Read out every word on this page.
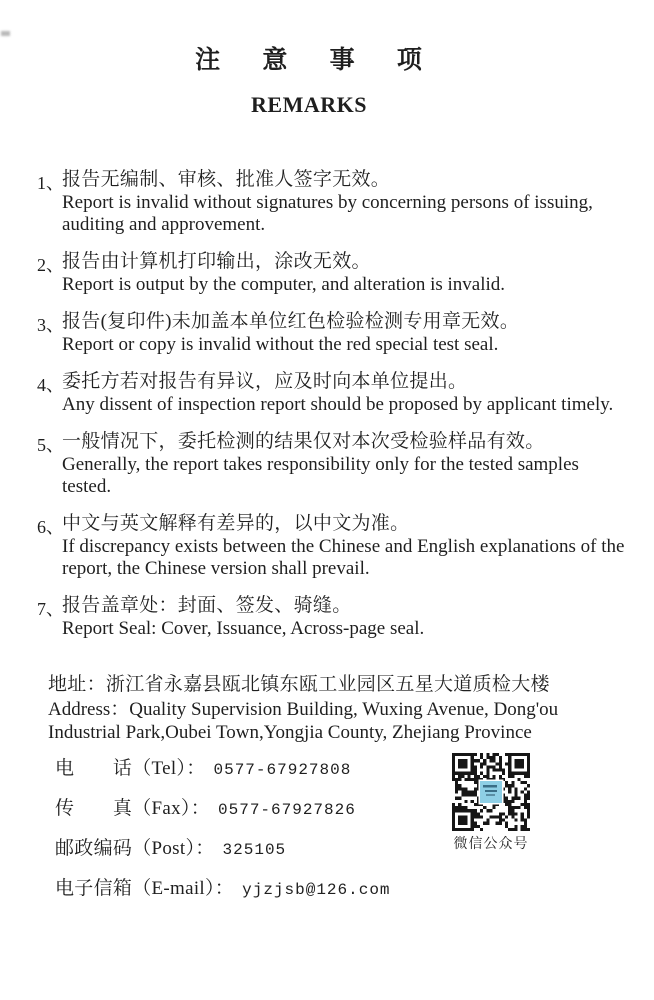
注 意 事 项
REMARKS
1、
报告无编制、审核、批准人签字无效。
Report is invalid without signatures by concerning persons of issuing, auditing and approvement.
2、
报告由计算机打印输出，涂改无效。
Report is output by the computer, and alteration is invalid.
3、
报告(复印件)未加盖本单位红色检验检测专用章无效。
Report or copy is invalid without the red special test seal.
4、
委托方若对报告有异议，应及时向本单位提出。
Any dissent of inspection report should be proposed by applicant timely.
5、
一般情况下，委托检测的结果仅对本次受检验样品有效。
Generally, the report takes responsibility only for the tested samples tested.
6、
中文与英文解释有差异的，以中文为准。
If discrepancy exists between the Chinese and English explanations of the report, the Chinese version shall prevail.
7、
报告盖章处：封面、签发、骑缝。
Report Seal: Cover, Issuance, Across-page seal.
地址：浙江省永嘉县瓯北镇东瓯工业园区五星大道质检大楼
Address：Quality Supervision Building, Wuxing Avenue, Dong'ou Industrial Park,Oubei Town,Yongjia County, Zhejiang Province
电　　话（Tel）： 0577-67927808
传　　真（Fax）： 0577-67927826
邮政编码（Post）： 325105
电子信箱（E-mail）： yjzjsb@126.com
微信公众号
